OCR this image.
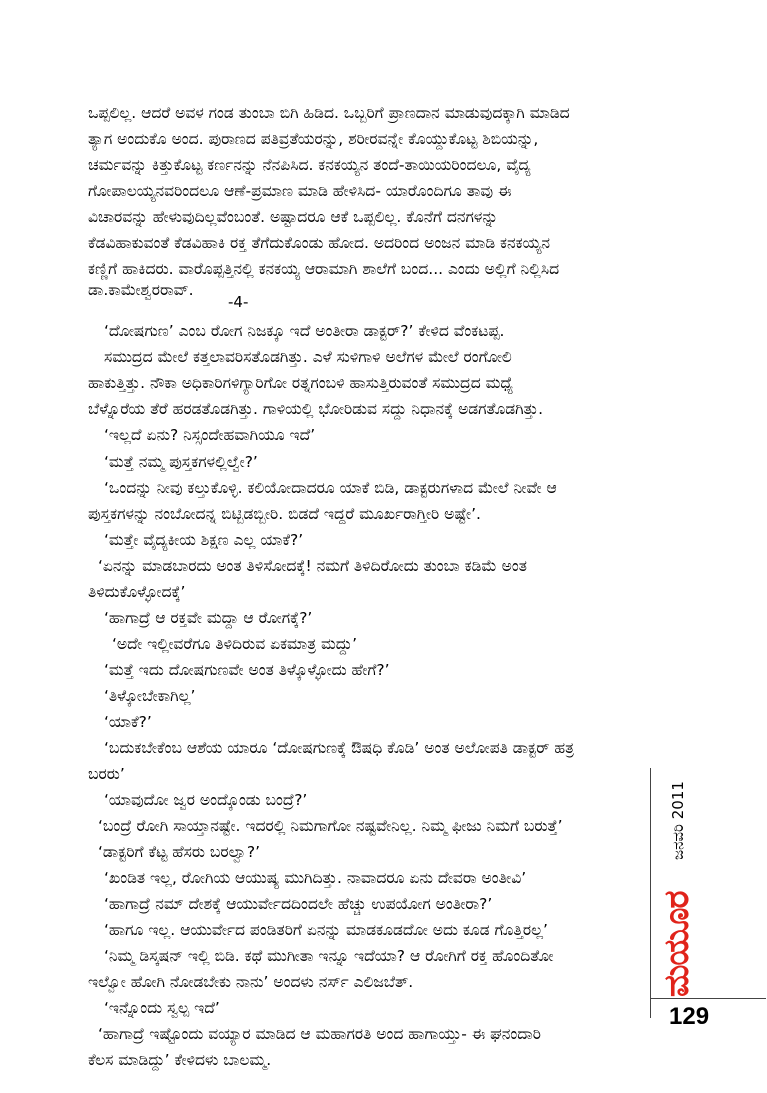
ಒಪ್ಪಲಿಲ್ಲ. ಆದರೆ ಅವಳ ಗಂಡ ತುಂಬಾ ಬಿಗಿ ಹಿಡಿದ. ಒಬ್ಬರಿಗೆ ಪ್ರಾಣದಾನ ಮಾಡುವುದಕ್ಕಾಗಿ ಮಾಡಿದ
ತ್ಯಾಗ ಅಂದುಕೊ ಅಂದ. ಪುರಾಣದ ಪತಿವ್ರತೆಯರನ್ನು, ಶರೀರವನ್ನೇ ಕೊಯ್ದುಕೊಟ್ಟ ಶಿಬಿಯನ್ನು,
ಚರ್ಮವನ್ನು ಕಿತ್ತುಕೊಟ್ಟ ಕರ್ಣನನ್ನು ನೆನಪಿಸಿದ. ಕನಕಯ್ಯನ ತಂದೆ-ತಾಯಿಯರಿಂದಲೂ, ವೈದ್ಯ
ಗೋಪಾಲಯ್ಯನವರಿಂದಲೂ ಆಣೆ-ಪ್ರಮಾಣ ಮಾಡಿ ಹೇಳಿಸಿದ- ಯಾರೊಂದಿಗೂ ತಾವು ಈ
ವಿಚಾರವನ್ನು ಹೇಳುವುದಿಲ್ಲವೆಂಬಂತೆ. ಅಷ್ಟಾದರೂ ಆಕೆ ಒಪ್ಪಲಿಲ್ಲ. ಕೊನೆಗೆ ದನಗಳನ್ನು
ಕೆಡವಿಹಾಕುವಂತೆ ಕೆಡವಿಹಾಕಿ ರಕ್ತ ತೆಗೆದುಕೊಂಡು ಹೋದ. ಅದರಿಂದ ಅಂಜನ ಮಾಡಿ ಕನಕಯ್ಯನ
ಕಣ್ಣಿಗೆ ಹಾಕಿದರು. ವಾರೊಪ್ಪತ್ತಿನಲ್ಲಿ ಕನಕಯ್ಯ ಆರಾಮಾಗಿ ಶಾಲೆಗೆ ಬಂದ... ಎಂದು ಅಲ್ಲಿಗೆ ನಿಲ್ಲಿಸಿದ
ಡಾ.ಕಾಮೇಶ್ವರರಾವ್.
-4-
‘ದೋಷಗುಣ’ ಎಂಬ ರೋಗ ನಿಜಕ್ಕೂ ಇದೆ ಅಂತೀರಾ ಡಾಕ್ಟರ್?’ ಕೇಳಿದ ವೆಂಕಟಪ್ಪ.
ಸಮುದ್ರದ ಮೇಲೆ ಕತ್ತಲಾವರಿಸತೊಡಗಿತ್ತು. ಎಳೆ ಸುಳಿಗಾಳಿ ಅಲೆಗಳ ಮೇಲೆ ರಂಗೋಲಿ
ಹಾಕುತ್ತಿತ್ತು. ನೌಕಾ ಅಧಿಕಾರಿಗಳಿಗ್ಯಾರಿಗೋ ರತ್ನಗಂಬಳಿ ಹಾಸುತ್ತಿರುವಂತೆ ಸಮುದ್ರದ ಮಧ್ಯೆ
ಬೆಳ್ನೊರೆಯ ತೆರೆ ಹರಡತೊಡಗಿತ್ತು. ಗಾಳಿಯಲ್ಲಿ ಭೋರಿಡುವ ಸದ್ದು ನಿಧಾನಕ್ಕೆ ಅಡಗತೊಡಗಿತ್ತು.
‘ಇಲ್ಲದೆ ಏನು? ನಿಸ್ಸಂದೇಹವಾಗಿಯೂ ಇದೆ’
‘ಮತ್ತೆ ನಮ್ಮ ಪುಸ್ತಕಗಳಲ್ಲಿಲ್ವೇ?’
‘ಒಂದನ್ನು ನೀವು ಕಲ್ತುಕೊಳ್ಳಿ. ಕಲಿಯೋದಾದರೂ ಯಾಕೆ ಬಿಡಿ, ಡಾಕ್ಟರುಗಳಾದ ಮೇಲೆ ನೀವೇ ಆ
ಪುಸ್ತಕಗಳನ್ನು ನಂಬೋದನ್ನ ಬಿಟ್ಬಿಡಬ್ಬೀರಿ. ಬಿಡದೆ ಇದ್ದರೆ ಮೂರ್ಖರಾಗ್ತೀರಿ ಅಷ್ಟೇ’.
‘ಮತ್ತೇ ವೈದ್ಯಕೀಯ ಶಿಕ್ಷಣ ಎಲ್ಲ ಯಾಕೆ?’
‘ಏನನ್ನು ಮಾಡಬಾರದು ಅಂತ ತಿಳಿಸೋದಕ್ಕೆ! ನಮಗೆ ತಿಳಿದಿರೋದು ತುಂಬಾ ಕಡಿಮೆ ಅಂತ
ತಿಳಿದುಕೊಳ್ಳೋದಕ್ಕೆ’
‘ಹಾಗಾದ್ರೆ ಆ ರಕ್ತವೇ ಮದ್ದಾ ಆ ರೋಗಕ್ಕೆ?’
‘ಅದೇ ಇಲ್ಲೀವರೆಗೂ ತಿಳಿದಿರುವ ಏಕಮಾತ್ರ ಮದ್ದು’
‘ಮತ್ತೆ ಇದು ದೋಷಗುಣವೇ ಅಂತ ತಿಳ್ಕೊಳ್ಳೋದು ಹೇಗೆ?’
‘ತಿಳ್ಕೋಬೇಕಾಗಿಲ್ಲ’
‘ಯಾಕೆ?’
‘ಬದುಕಬೇಕೆಂಬ ಆಶೆಯ ಯಾರೂ ‘ದೋಷಗುಣಕ್ಕೆ ಔಷಧಿ ಕೊಡಿ’ ಅಂತ ಅಲೋಪತಿ ಡಾಕ್ಟರ್ ಹತ್ರ
ಬರರು’
‘ಯಾವುದೋ ಜ್ವರ ಅಂದ್ಕೊಂಡು ಬಂದ್ರೆ?’
‘ಬಂದ್ರೆ ರೋಗಿ ಸಾಯ್ತಾನಷ್ಟೇ. ಇದರಲ್ಲಿ ನಿಮಗಾಗೋ ನಷ್ಟವೇನಿಲ್ಲ. ನಿಮ್ಮ ಫೀಜು ನಿಮಗೆ ಬರುತ್ತೆ’
‘ಡಾಕ್ಟರಿಗೆ ಕೆಟ್ಟ ಹೆಸರು ಬರಲ್ವಾ?’
‘ಖಂಡಿತ ಇಲ್ಲ, ರೋಗಿಯ ಆಯುಷ್ಯ ಮುಗಿದಿತ್ತು. ನಾವಾದರೂ ಏನು ದೇವರಾ ಅಂತೀವಿ’
‘ಹಾಗಾದ್ರೆ ನಮ್ ದೇಶಕ್ಕೆ ಆಯುರ್ವೇದದಿಂದಲೇ ಹೆಚ್ಚು ಉಪಯೋಗ ಅಂತೀರಾ?’
‘ಹಾಗೂ ಇಲ್ಲ. ಆಯುರ್ವೇದ ಪಂಡಿತರಿಗೆ ಏನನ್ನು ಮಾಡಕೂಡದೋ ಅದು ಕೂಡ ಗೊತ್ತಿರಲ್ಲ’
‘ನಿಮ್ಮ ಡಿಸ್ಕಷನ್ ಇಲ್ಲಿ ಬಿಡಿ. ಕಥೆ ಮುಗೀತಾ ಇನ್ನೂ ಇದೆಯಾ? ಆ ರೋಗಿಗೆ ರಕ್ತ ಹೊಂದಿತೋ
ಇಲ್ವೋ ಹೋಗಿ ನೋಡಬೇಕು ನಾನು’ ಅಂದಳು ನರ್ಸ್ ಎಲಿಜಬೆತ್.
‘ಇನ್ನೊಂದು ಸ್ವಲ್ಪ ಇದೆ’
‘ಹಾಗಾದ್ರೆ ಇಷ್ಟೊಂದು ವಯ್ಯಾರ ಮಾಡಿದ ಆ ಮಹಾಗರತಿ ಅಂದ ಹಾಗಾಯ್ತು- ಈ ಘನಂದಾರಿ
ಕೆಲಸ ಮಾಡಿದ್ದು’ ಕೇಳಿದಳು ಬಾಲಮ್ಮ.
ಜನವರಿ 2011
ಮಯೂರ
129
